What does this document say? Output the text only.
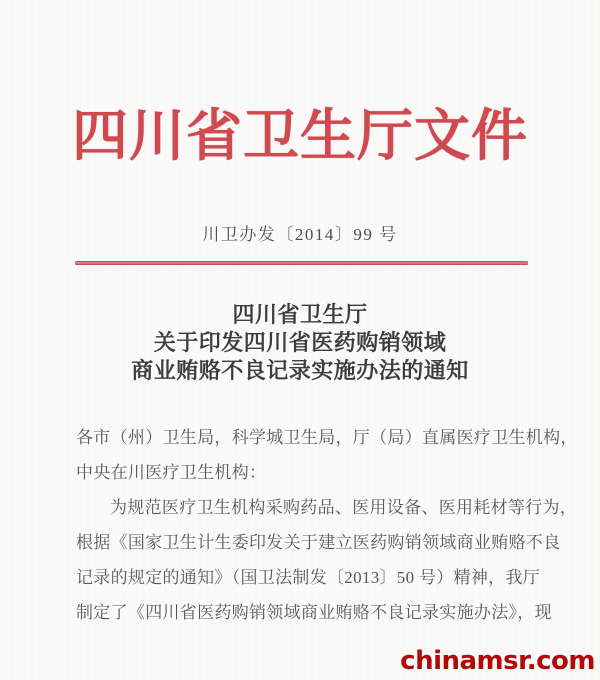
四川省卫生厅文件
川卫办发〔2014〕99 号
四川省卫生厅
关于印发四川省医药购销领域
商业贿赂不良记录实施办法的通知
各市（州）卫生局，科学城卫生局，厅（局）直属医疗卫生机构，
中央在川医疗卫生机构：
为规范医疗卫生机构采购药品、医用设备、医用耗材等行为，
根据《国家卫生计生委印发关于建立医药购销领域商业贿赂不良
记录的规定的通知》（国卫法制发〔2013〕50 号）精神，我厅
制定了《四川省医药购销领域商业贿赂不良记录实施办法》，现
chinamsr.com
